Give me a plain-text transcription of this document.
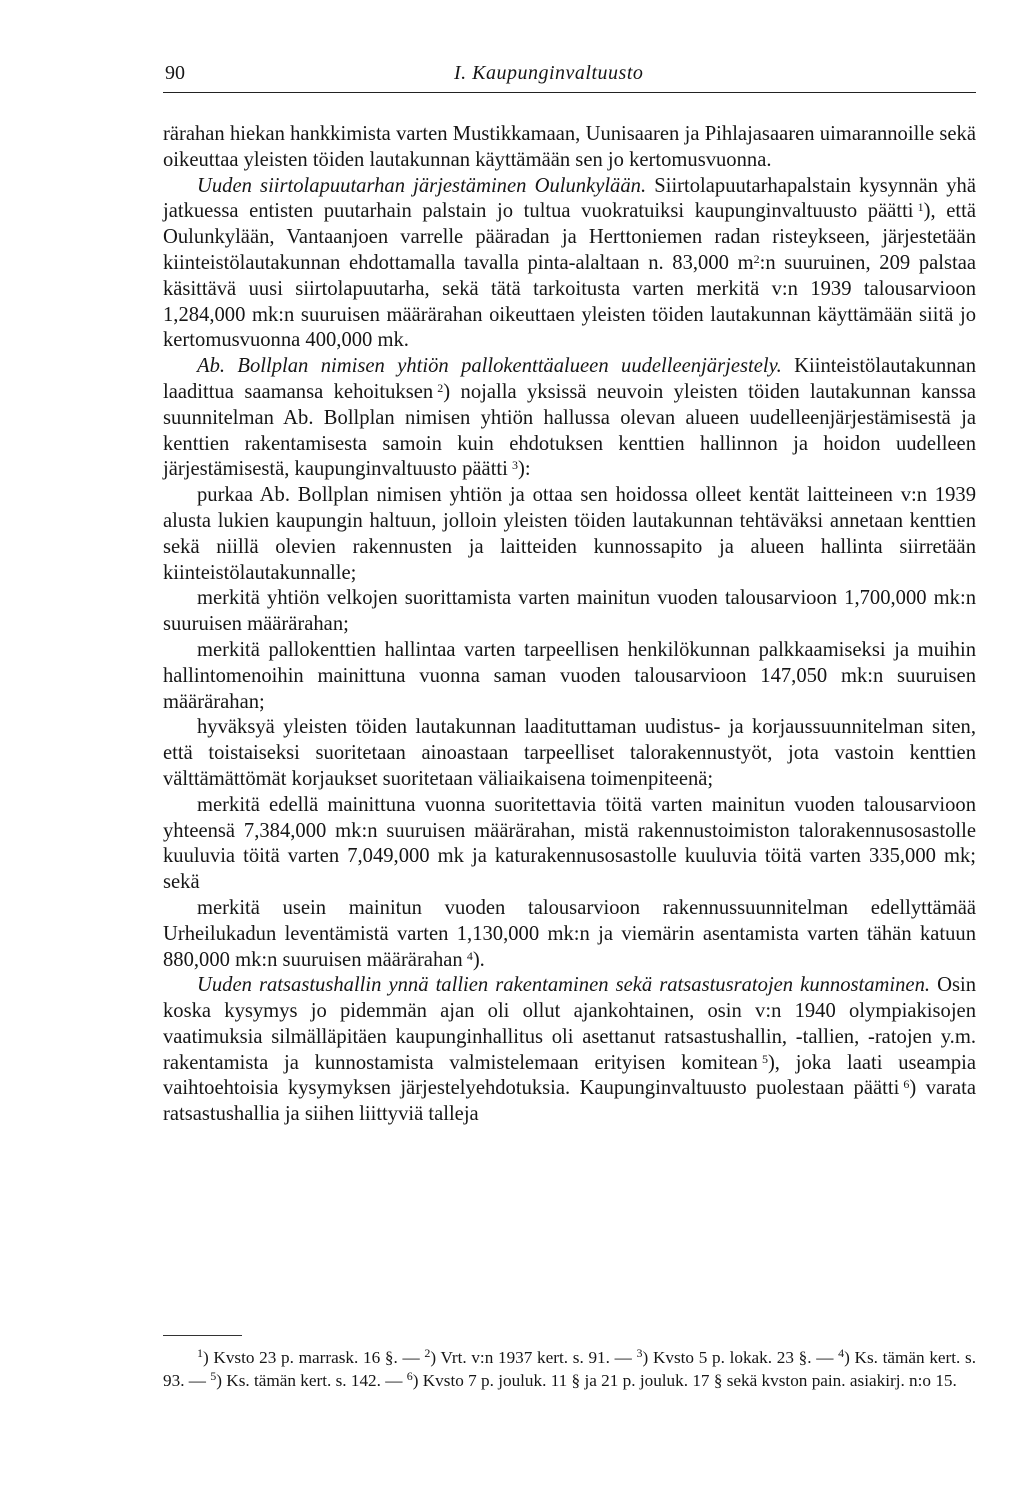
90	I. Kaupunginvaltuusto

rärahan hiekan hankkimista varten Mustikkamaan, Uunisaaren ja Pihlajasaaren uimarannoille sekä oikeuttaa yleisten töiden lautakunnan käyttämään sen jo kertomusvuonna.

Uuden siirtolapuutarhan järjestäminen Oulunkylään. Siirtolapuutarhapalstain kysynnän yhä jatkuessa entisten puutarhain palstain jo tultua vuokratuiksi kaupunginvaltuusto päätti  $^1$), että Oulunkylään, Vantaanjoen varrelle pääradan ja Herttoniemen radan risteykseen, järjestetään kiinteistölautakunnan ehdottamalla tavalla pinta-alaltaan n. 83,000 $m^2:n$ suuruinen, 209 palstaa käsittävä uusi siirtolapuutarha, sekä tätä tarkoitusta varten merkitä v:n 1939 talousarvioon 1,284,000 mk:n suuruisen määrärahan oikeuttaen yleisten töiden lautakunnan käyttämään siitä jo kertomusvuonna 400,000 mk.

Ab. Bollplan nimisen yhtiön pallokenttäalueen uudelleenjärjestely. Kiinteistölautakunnan laadittua saamansa kehoituksen  $^2$) nojalla yksissä neuvoin yleisten töiden lautakunnan kanssa suunnitelman Ab. Bollplan nimisen yhtiön hallussa olevan alueen uudelleenjärjestämisestä ja kenttien rakentamisesta samoin kuin ehdotuksen kenttien hallinnon ja hoidon uudelleen järjestämisestä, kaupunginvaltuusto päätti  $^3$):

purkaa Ab. Bollplan nimisen yhtiön ja ottaa sen hoidossa olleet kentät laitteineen v:n 1939 alusta lukien kaupungin haltuun, jolloin yleisten töiden lautakunnan tehtäväksi annetaan kenttien sekä niillä olevien rakennusten ja laitteiden kunnossapito ja alueen hallinta siirretään kiinteistölautakunnalle;

merkitä yhtiön velkojen suorittamista varten mainitun vuoden talousarvioon 1,700,000 mk:n suuruisen määrärahan;

merkitä pallokenttien hallintaa varten tarpeellisen henkilökunnan palkkaamiseksi ja muihin hallintomenoihin mainittuna vuonna saman vuoden talousarvioon 147,050 mk:n suuruisen määrärahan;

hyväksyä yleisten töiden lautakunnan laadituttaman uudistus- ja korjaussuunnitelman siten, että toistaiseksi suoritetaan ainoastaan tarpeelliset talorakennustyöt, jota vastoin kenttien välttämättömät korjaukset suoritetaan väliaikaisena toimenpiteenä;

merkitä edellä mainittuna vuonna suoritettavia töitä varten mainitun vuoden talousarvioon yhteensä 7,384,000 mk:n suuruisen määrärahan, mistä rakennustoimiston talorakennusosastolle kuuluvia töitä varten 7,049,000 mk ja katurakennusosastolle kuuluvia töitä varten 335,000 mk; sekä

merkitä usein mainitun vuoden talousarvioon rakennussuunnitelman edellyttämää Urheilukadun leventämistä varten 1,130,000 mk:n ja viemärin asentamista varten tähän katuun 880,000 mk:n suuruisen määrärahan  $^4$).

Uuden ratsastushallin ynnä tallien rakentaminen sekä ratsastusratojen kunnostaminen. Osin koska kysymys jo pidemmän ajan oli ollut ajankohtainen, osin v:n 1940 olympiakisojen vaatimuksia silmälläpitäen kaupunginhallitus oli asettanut ratsastushallin, -tallien, -ratojen y.m. rakentamista ja kunnostamista valmistelemaan erityisen komitean  $^5$), joka laati useampia vaihtoehtoisia kysymyksen järjestelyehdotuksia. Kaupunginvaltuusto puolestaan päätti  $^6$) varata ratsastushallia ja siihen liittyviä talleja

$^1$) Kvsto 23 p. marrask. 16 §. — $^2$) Vrt. v:n 1937 kert. s. 91. — $^3$) Kvsto 5 p. lokak. 23 §. — $^4$) Ks. tämän kert. s. 93. — $^5$) Ks. tämän kert. s. 142. — $^6$) Kvsto 7 p. jouluk. 11 § ja 21 p. jouluk. 17 § sekä kvston pain. asiakirj. n:o 15.
